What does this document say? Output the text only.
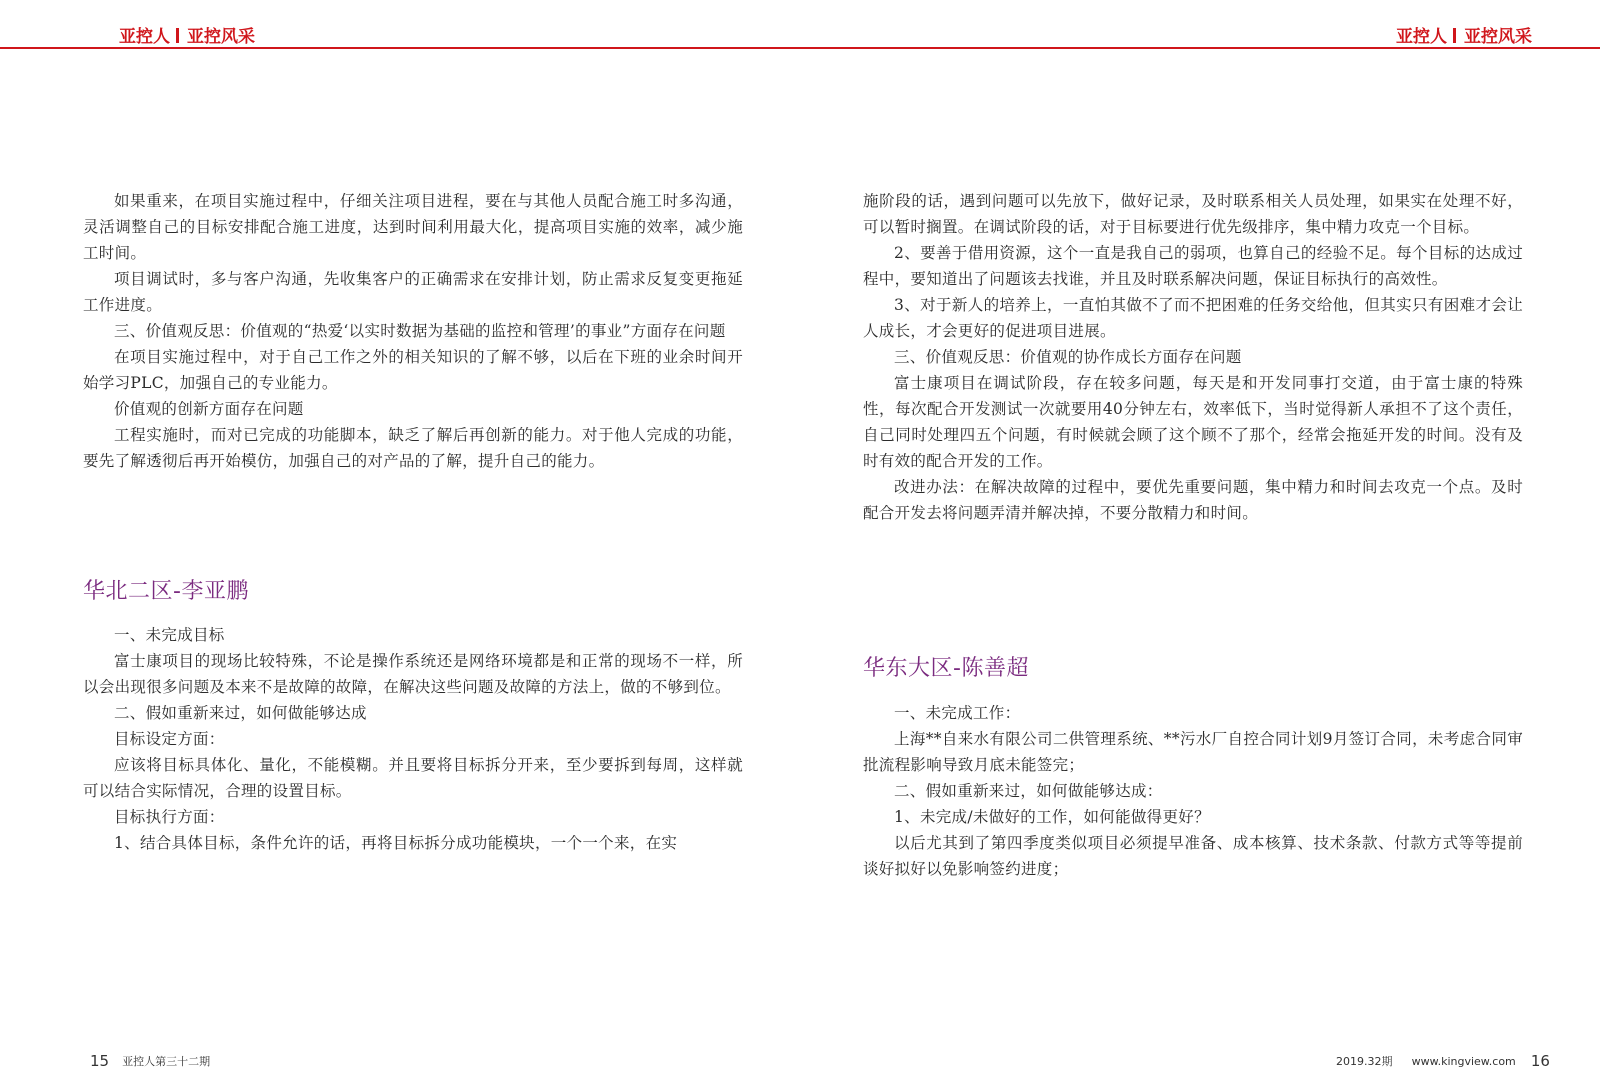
亚控人 亚控风采	亚控人 亚控风采

如果重来，在项目实施过程中，仔细关注项目进程，要在与其他人员配合施工时多沟通，灵活调整自己的目标安排配合施工进度，达到时间利用最大化，提高项目实施的效率，减少施工时间。

项目调试时，多与客户沟通，先收集客户的正确需求在安排计划，防止需求反复变更拖延工作进度。

三、价值观反思：价值观的“热爱‘以实时数据为基础的监控和管理’的事业”方面存在问题

在项目实施过程中，对于自己工作之外的相关知识的了解不够，以后在下班的业余时间开始学习PLC，加强自己的专业能力。

价值观的创新方面存在问题

工程实施时，而对已完成的功能脚本，缺乏了解后再创新的能力。对于他人完成的功能，要先了解透彻后再开始模仿，加强自己的对产品的了解，提升自己的能力。

华北二区-李亚鹏

一、未完成目标

富士康项目的现场比较特殊，不论是操作系统还是网络环境都是和正常的现场不一样，所以会出现很多问题及本来不是故障的故障，在解决这些问题及故障的方法上，做的不够到位。

二、假如重新来过，如何做能够达成

目标设定方面：

应该将目标具体化、量化，不能模糊。并且要将目标拆分开来，至少要拆到每周，这样就可以结合实际情况，合理的设置目标。

目标执行方面：

1、结合具体目标，条件允许的话，再将目标拆分成功能模块，一个一个来，在实

施阶段的话，遇到问题可以先放下，做好记录，及时联系相关人员处理，如果实在处理不好，可以暂时搁置。在调试阶段的话，对于目标要进行优先级排序，集中精力攻克一个目标。

2、要善于借用资源，这个一直是我自己的弱项，也算自己的经验不足。每个目标的达成过程中，要知道出了问题该去找谁，并且及时联系解决问题，保证目标执行的高效性。

3、对于新人的培养上，一直怕其做不了而不把困难的任务交给他，但其实只有困难才会让人成长，才会更好的促进项目进展。

三、价值观反思：价值观的协作成长方面存在问题

富士康项目在调试阶段，存在较多问题，每天是和开发同事打交道，由于富士康的特殊性，每次配合开发测试一次就要用40分钟左右，效率低下，当时觉得新人承担不了这个责任，自己同时处理四五个问题，有时候就会顾了这个顾不了那个，经常会拖延开发的时间。没有及时有效的配合开发的工作。

改进办法：在解决故障的过程中，要优先重要问题，集中精力和时间去攻克一个点。及时配合开发去将问题弄清并解决掉，不要分散精力和时间。

华东大区-陈善超

一、未完成工作：

上海**自来水有限公司二供管理系统、**污水厂自控合同计划9月签订合同，未考虑合同审批流程影响导致月底未能签完；

二、假如重新来过，如何做能够达成：

1、未完成/未做好的工作，如何能做得更好？

以后尤其到了第四季度类似项目必须提早准备、成本核算、技术条款、付款方式等等提前谈好拟好以免影响签约进度；

15 亚控人第三十二期	2019.32期 www.kingview.com 16
